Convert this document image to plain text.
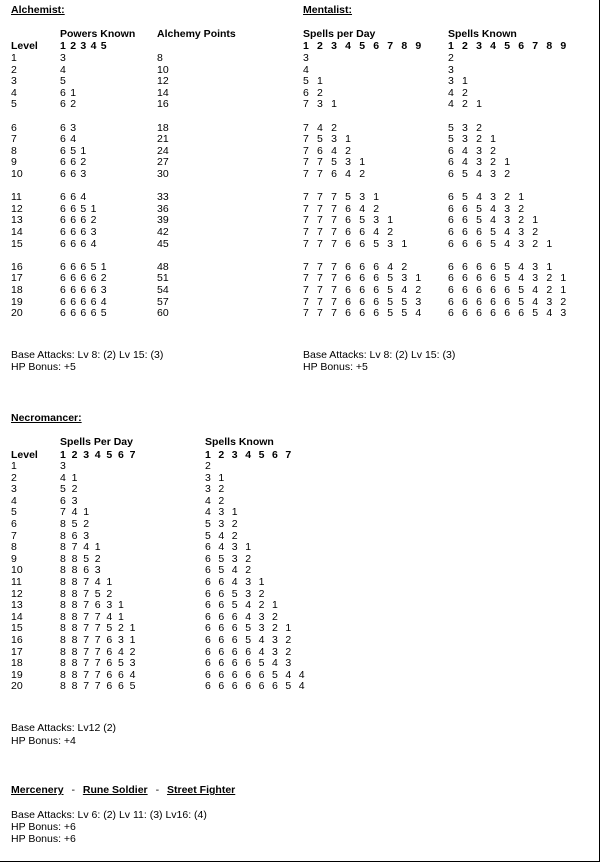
Alchemist:
Powers Known Alchemy Points
Level 1 2 3 4 5
1	3	8
2	4	10
3	5	12
4	6 1	14
5	6 2	16
6	6 3	18
7	6 4	21
8	6 5 1	24
9	6 6 2	27
10	6 6 3	30
11	6 6 4	33
12	6 6 5 1	36
13	6 6 6 2	39
14	6 6 6 3	42
15	6 6 6 4	45
16	6 6 6 5 1	48
17	6 6 6 6 2	51
18	6 6 6 6 3	54
19	6 6 6 6 4	57
20	6 6 6 6 5	60
Base Attacks: Lv 8: (2) Lv 15: (3)
HP Bonus: +5
Mentalist:
Spells per Day	Spells Known
1 2 3 4 5 6 7 8 9	1 2 3 4 5 6 7 8 9
3	2
4	3
5 1	3 1
6 2	4 2
7 3 1	4 2 1
7 4 2	5 3 2
7 5 3 1	5 3 2 1
7 6 4 2	6 4 3 2
7 7 5 3 1	6 4 3 2 1
7 7 6 4 2	6 5 4 3 2
7 7 7 5 3 1	6 5 4 3 2 1
7 7 7 6 4 2	6 6 5 4 3 2
7 7 7 6 5 3 1	6 6 5 4 3 2 1
7 7 7 6 6 4 2	6 6 6 5 4 3 2
7 7 7 6 6 5 3 1	6 6 6 5 4 3 2 1
7 7 7 6 6 6 4 2	6 6 6 6 5 4 3 1
7 7 7 6 6 6 5 3 1	6 6 6 6 5 4 3 2 1
7 7 7 6 6 6 5 4 2	6 6 6 6 6 5 4 2 1
7 7 7 6 6 6 5 5 3	6 6 6 6 6 5 4 3 2
7 7 7 6 6 6 5 5 4	6 6 6 6 6 6 5 4 3
Base Attacks: Lv 8: (2) Lv 15: (3)
HP Bonus: +5
Necromancer:
Spells Per Day	Spells Known
Level 1 2 3 4 5 6 7	1 2 3 4 5 6 7
1	3	2
2	4 1	3 1
3	5 2	3 2
4	6 3	4 2
5	7 4 1	4 3 1
6	8 5 2	5 3 2
7	8 6 3	5 4 2
8	8 7 4 1	6 4 3 1
9	8 8 5 2	6 5 3 2
10	8 8 6 3	6 5 4 2
11	8 8 7 4 1	6 6 4 3 1
12	8 8 7 5 2	6 6 5 3 2
13	8 8 7 6 3 1	6 6 5 4 2 1
14	8 8 7 7 4 1	6 6 6 4 3 2
15	8 8 7 7 5 2 1	6 6 6 5 3 2 1
16	8 8 7 7 6 3 1	6 6 6 5 4 3 2
17	8 8 7 7 6 4 2	6 6 6 6 4 3 2
18	8 8 7 7 6 5 3	6 6 6 6 5 4 3
19	8 8 7 7 6 6 4	6 6 6 6 6 5 4 4
20	8 8 7 7 6 6 5	6 6 6 6 6 6 5 4
Base Attacks: Lv12 (2)
HP Bonus: +4
Mercenery - Rune Soldier - Street Fighter
Base Attacks: Lv 6: (2) Lv 11: (3) Lv16: (4)
HP Bonus: +6
HP Bonus: +6
